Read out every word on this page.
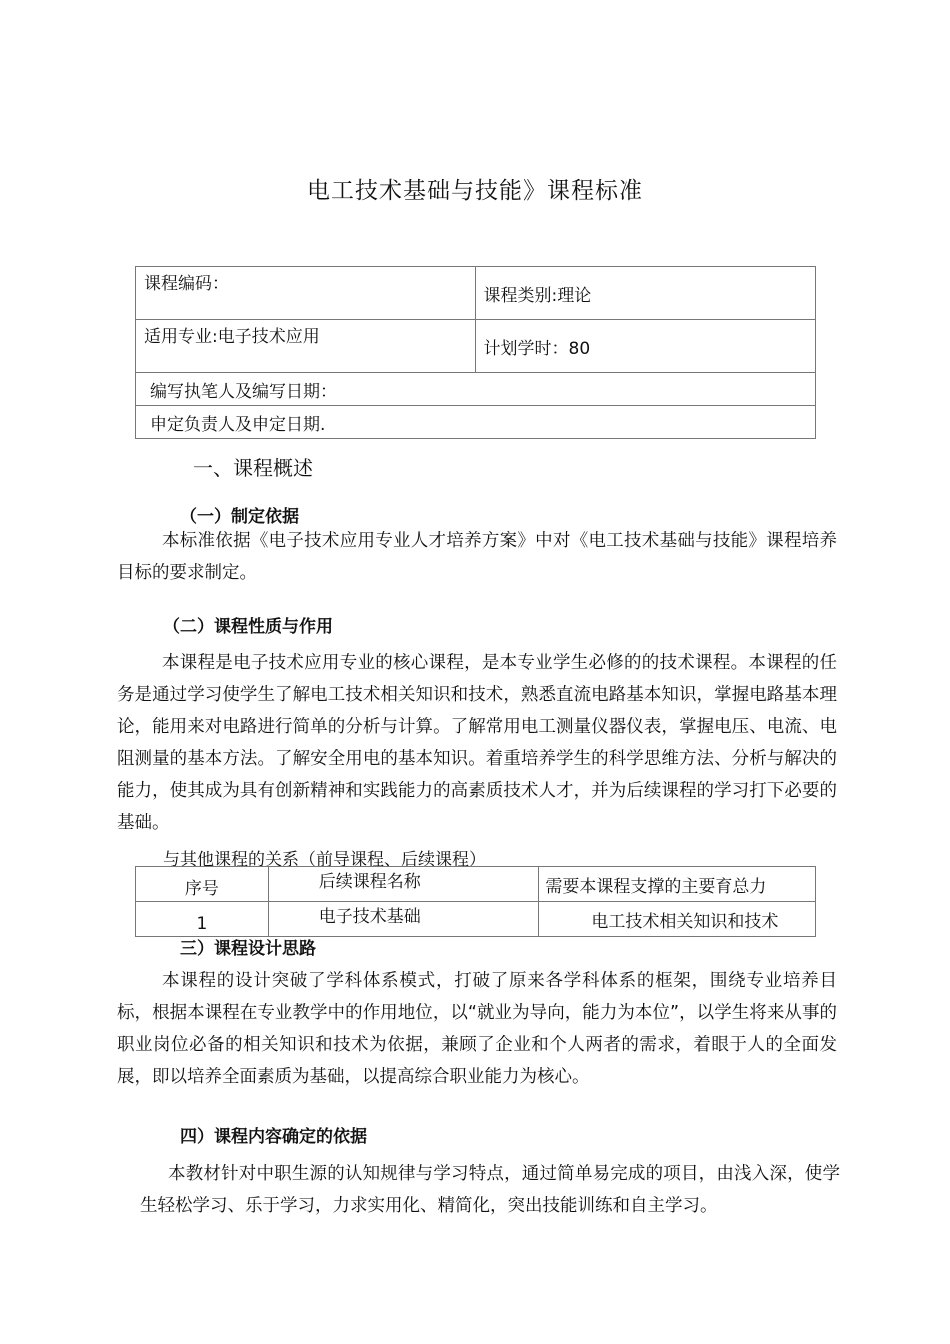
电工技术基础与技能》课程标准
课程编码：	课程类别:理论
适用专业:电子技术应用	计划学时：80
编写执笔人及编写日期：	
申定负责人及申定日期.	
一、课程概述
（一）制定依据
本标准依据《电子技术应用专业人才培养方案》中对《电工技术基础与技能》课程培养目标的要求制定。
（二）课程性质与作用
本课程是电子技术应用专业的核心课程，是本专业学生必修的的技术课程。本课程的任务是通过学习使学生了解电工技术相关知识和技术，熟悉直流电路基本知识，掌握电路基本理论，能用来对电路进行简单的分析与计算。了解常用电工测量仪器仪表，掌握电压、电流、电阻测量的基本方法。了解安全用电的基本知识。着重培养学生的科学思维方法、分析与解决的能力，使其成为具有创新精神和实践能力的高素质技术人才，并为后续课程的学习打下必要的基础。
与其他课程的关系（前导课程、后续课程）
序号	后续课程名称	需要本课程支撑的主要育总力
1	电子技术基础	电工技术相关知识和技术
三）课程设计思路
本课程的设计突破了学科体系模式，打破了原来各学科体系的框架，围绕专业培养目标，根据本课程在专业教学中的作用地位，以“就业为导向，能力为本位”，以学生将来从事的职业岗位必备的相关知识和技术为依据，兼顾了企业和个人两者的需求，着眼于人的全面发展，即以培养全面素质为基础，以提高综合职业能力为核心。
四）课程内容确定的依据
本教材针对中职生源的认知规律与学习特点，通过简单易完成的项目，由浅入深，使学生轻松学习、乐于学习，力求实用化、精简化，突出技能训练和自主学习。
